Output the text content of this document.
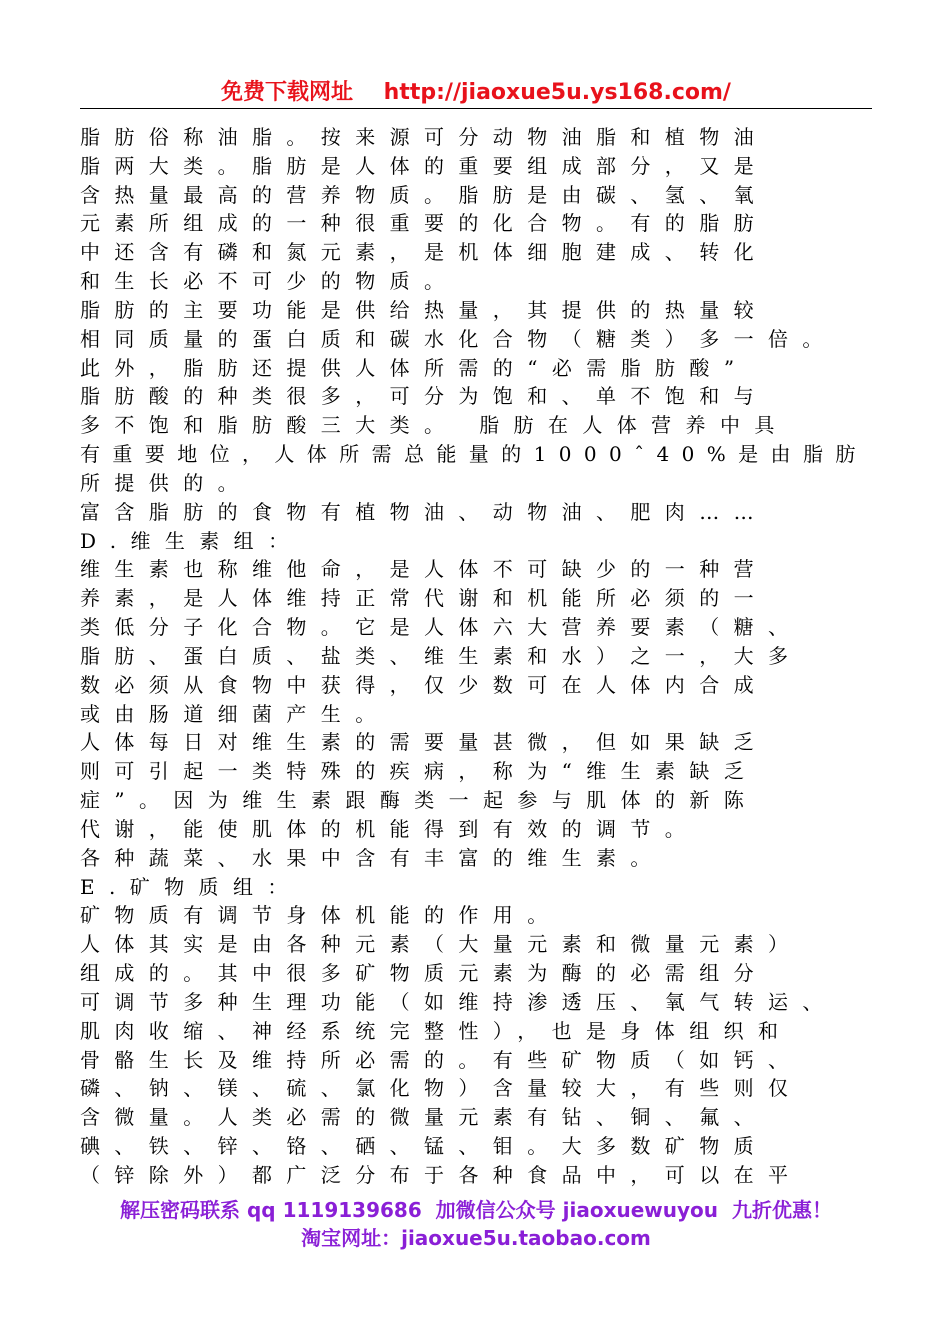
免费下载网址 http://jiaoxue5u.ys168.com/
脂肪俗称油脂。按来源可分动物油脂和植物油
脂两大类。脂肪是人体的重要组成部分，又是
含热量最高的营养物质。脂肪是由碳、氢、氧
元素所组成的一种很重要的化合物。有的脂肪
中还含有磷和氮元素，是机体细胞建成、转化
和生长必不可少的物质。
脂肪的主要功能是供给热量，其提供的热量较
相同质量的蛋白质和碳水化合物（糖类）多一倍。
此外，脂肪还提供人体所需的“必需脂肪酸”
脂肪酸的种类很多，可分为饱和、单不饱和与
多不饱和脂肪酸三大类。 脂肪在人体营养中具
有重要地位，人体所需总能量的1000ˆ40%是由脂肪
所提供的。
富含脂肪的食物有植物油、动物油、肥肉……
D.维生素组：
维生素也称维他命，是人体不可缺少的一种营
养素，是人体维持正常代谢和机能所必须的一
类低分子化合物。它是人体六大营养要素（糖、
脂肪、蛋白质、盐类、维生素和水）之一，大多
数必须从食物中获得，仅少数可在人体内合成
或由肠道细菌产生。
人体每日对维生素的需要量甚微，但如果缺乏
则可引起一类特殊的疾病，称为“维生素缺乏
症”。因为维生素跟酶类一起参与肌体的新陈
代谢，能使肌体的机能得到有效的调节。
各种蔬菜、水果中含有丰富的维生素。
E.矿物质组：
矿物质有调节身体机能的作用。
人体其实是由各种元素（大量元素和微量元素）
组成的。其中很多矿物质元素为酶的必需组分
可调节多种生理功能（如维持渗透压、氧气转运、
肌肉收缩、神经系统完整性），也是身体组织和
骨骼生长及维持所必需的。有些矿物质（如钙、
磷、钠、镁、硫、氯化物）含量较大，有些则仅
含微量。人类必需的微量元素有钻、铜、氟、
碘、铁、锌、铬、硒、锰、钼。大多数矿物质
（锌除外）都广泛分布于各种食品中，可以在平
解压密码联系 qq 1119139686  加微信公众号 jiaoxuewuyou  九折优惠！
淘宝网址：jiaoxue5u.taobao.com
